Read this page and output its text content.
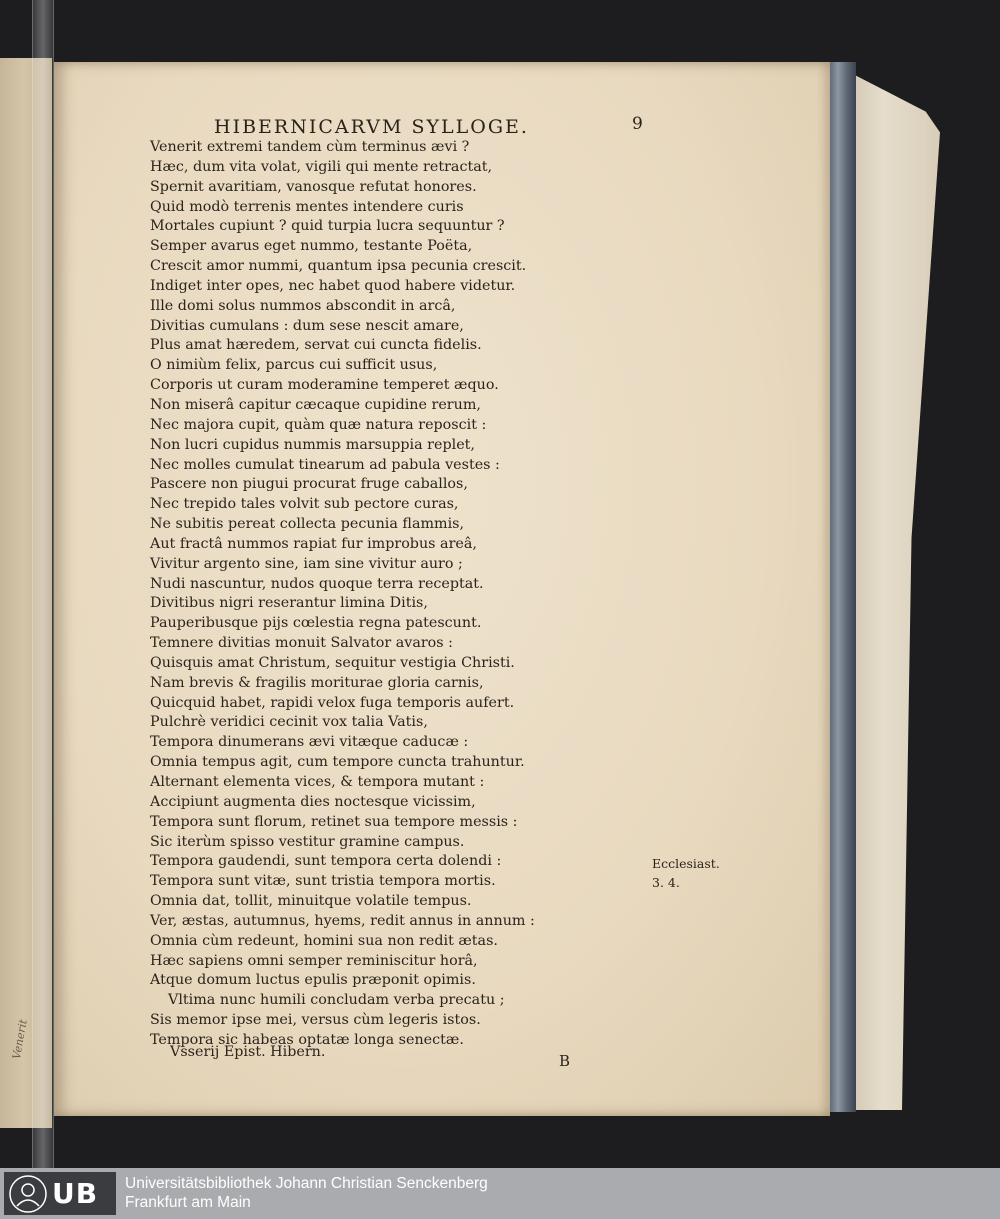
Venerit
HIBERNICARVM SYLLOGE.	9
Venerit extremi tandem cùm terminus ævi ?
Hæc, dum vita volat, vigili qui mente retractat,
Spernit avaritiam, vanosque refutat honores.
Quid modò terrenis mentes intendere curis
Mortales cupiunt ? quid turpia lucra sequuntur ?
Semper avarus eget nummo, testante Poëta,
Crescit amor nummi, quantum ipsa pecunia crescit.
Indiget inter opes, nec habet quod habere videtur.
Ille domi solus nummos abscondit in arcâ,
Divitias cumulans : dum sese nescit amare,
Plus amat hæredem, servat cui cuncta fidelis.
O nimiùm felix, parcus cui sufficit usus,
Corporis ut curam moderamine temperet æquo.
Non miserâ capitur cæcaque cupidine rerum,
Nec majora cupit, quàm quæ natura reposcit :
Non lucri cupidus nummis marsuppia replet,
Nec molles cumulat tinearum ad pabula vestes :
Pascere non piugui procurat fruge caballos,
Nec trepido tales volvit sub pectore curas,
Ne subitis pereat collecta pecunia flammis,
Aut fractâ nummos rapiat fur improbus areâ,
Vivitur argento sine, iam sine vivitur auro ;
Nudi nascuntur, nudos quoque terra receptat.
Divitibus nigri reserantur limina Ditis,
Pauperibusque pijs cœlestia regna patescunt.
Temnere divitias monuit Salvator avaros :
Quisquis amat Christum, sequitur vestigia Christi.
Nam brevis & fragilis moriturae gloria carnis,
Quicquid habet, rapidi velox fuga temporis aufert.
Pulchrè veridici cecinit vox talia Vatis,
Tempora dinumerans ævi vitæque caducæ :
Omnia tempus agit, cum tempore cuncta trahuntur.
Alternant elementa vices, & tempora mutant :
Accipiunt augmenta dies noctesque vicissim,
Tempora sunt florum, retinet sua tempore messis :
Sic iterùm spisso vestitur gramine campus.
Tempora gaudendi, sunt tempora certa dolendi :
Tempora sunt vitæ, sunt tristia tempora mortis.
Omnia dat, tollit, minuitque volatile tempus.
Ver, æstas, autumnus, hyems, redit annus in annum :
Omnia cùm redeunt, homini sua non redit ætas.
Hæc sapiens omni semper reminiscitur horâ,
Atque domum luctus epulis præponit opimis.
Vltima nunc humili concludam verba precatu ;
Sis memor ipse mei, versus cùm legeris istos.
Tempora sic habeas optatæ longa senectæ.
Vsserij Epist. Hibern.	B
Ecclesiast.
3. 4.
UB Universitätsbibliothek Johann Christian Senckenberg
Frankfurt am Main
